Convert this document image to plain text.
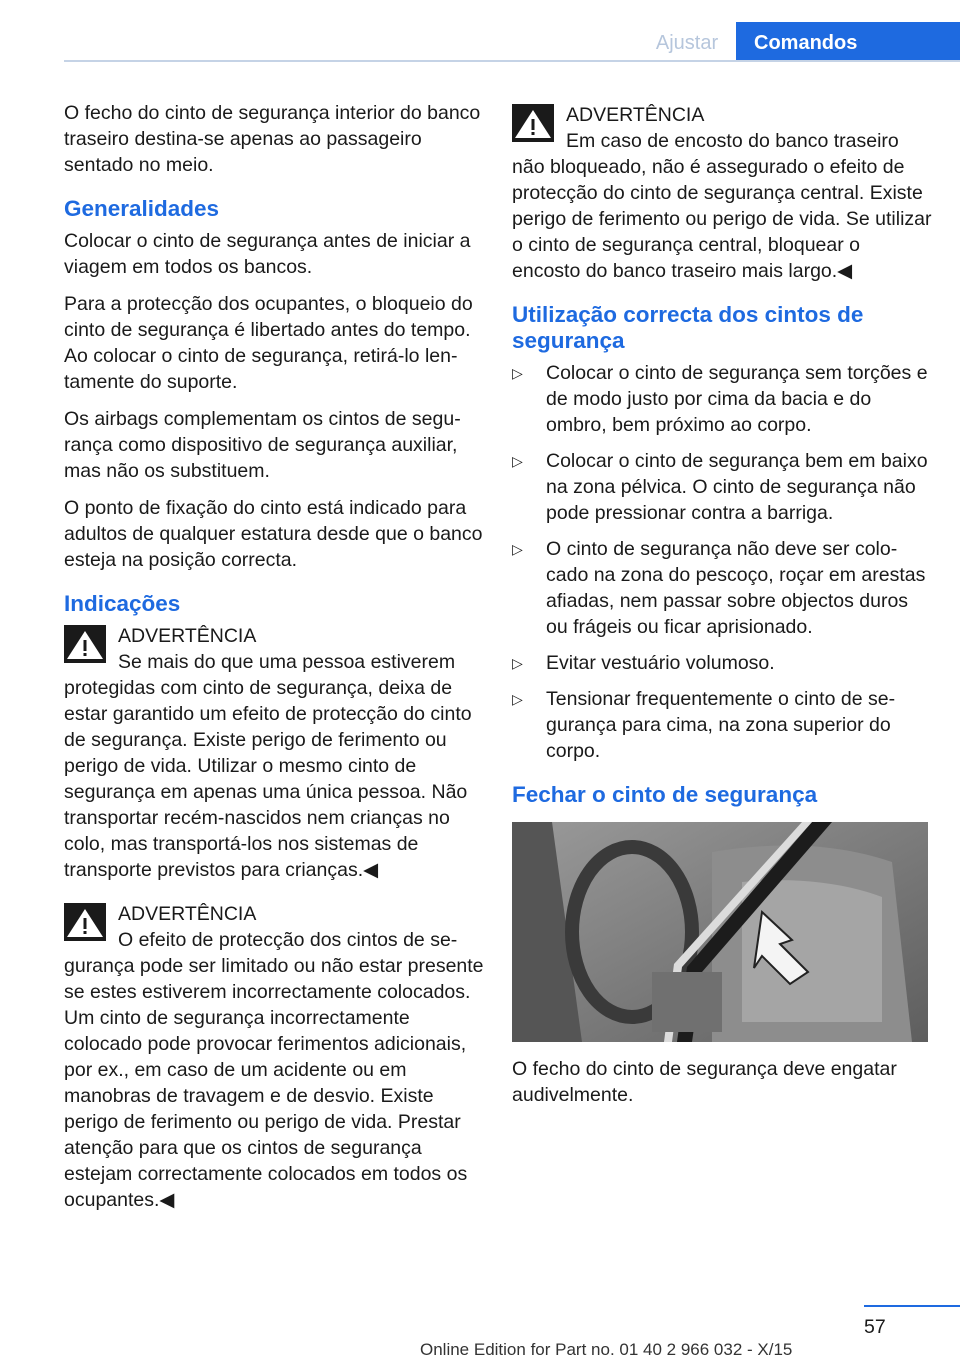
Ajustar	Comandos

O fecho do cinto de segurança interior do banco traseiro destina-se apenas ao passageiro sentado no meio.

Generalidades

Colocar o cinto de segurança antes de iniciar a viagem em todos os bancos.

Para a protecção dos ocupantes, o bloqueio do cinto de segurança é libertado antes do tempo. Ao colocar o cinto de segurança, retirá-lo lentamente do suporte.

Os airbags complementam os cintos de segurança como dispositivo de segurança auxiliar, mas não os substituem.

O ponto de fixação do cinto está indicado para adultos de qualquer estatura desde que o banco esteja na posição correcta.

Indicações
ADVERTÊNCIA
Se mais do que uma pessoa estiverem protegidas com cinto de segurança, deixa de estar garantido um efeito de protecção do cinto de segurança. Existe perigo de ferimento ou perigo de vida. Utilizar o mesmo cinto de segurança em apenas uma única pessoa. Não transportar recém-nascidos nem crianças no colo, mas transportá-los nos sistemas de transporte previstos para crianças.◀
ADVERTÊNCIA
O efeito de protecção dos cintos de segurança pode ser limitado ou não estar presente se estes estiverem incorrectamente colocados. Um cinto de segurança incorrectamente colocado pode provocar ferimentos adicionais, por ex., em caso de um acidente ou em manobras de travagem e de desvio. Existe perigo de ferimento ou perigo de vida. Prestar atenção para que os cintos de segurança estejam correctamente colocados em todos os ocupantes.◀
ADVERTÊNCIA
Em caso de encosto do banco traseiro não bloqueado, não é assegurado o efeito de protecção do cinto de segurança central. Existe perigo de ferimento ou perigo de vida. Se utilizar o cinto de segurança central, bloquear o encosto do banco traseiro mais largo.◀
Utilização correcta dos cintos de segurança
▷ Colocar o cinto de segurança sem torções e de modo justo por cima da bacia e do ombro, bem próximo ao corpo.
▷ Colocar o cinto de segurança bem em baixo na zona pélvica. O cinto de segurança não pode pressionar contra a barriga.
▷ O cinto de segurança não deve ser colocado na zona do pescoço, roçar em arestas afiadas, nem passar sobre objectos duros ou frágeis ou ficar aprisionado.
▷ Evitar vestuário volumoso.
▷ Tensionar frequentemente o cinto de segurança para cima, na zona superior do corpo.
Fechar o cinto de segurança

O fecho do cinto de segurança deve engatar audivelmente.

57
Online Edition for Part no. 01 40 2 966 032 - X/15
